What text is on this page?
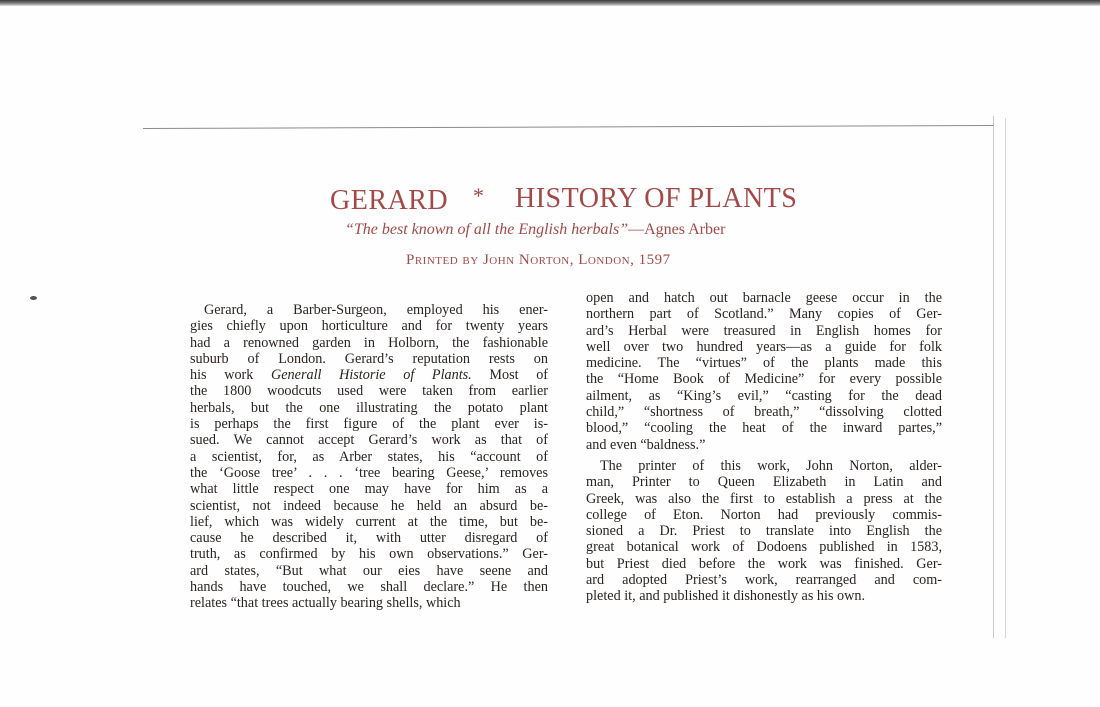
GERARD * HISTORY OF PLANTS
“The best known of all the English herbals”—Agnes Arber
Printed by John Norton, London, 1597
Gerard, a Barber-Surgeon, employed his ener-
gies chiefly upon horticulture and for twenty years
had a renowned garden in Holborn, the fashionable
suburb of London. Gerard’s reputation rests on
his work Generall Historie of Plants. Most of
the 1800 woodcuts used were taken from earlier
herbals, but the one illustrating the potato plant
is perhaps the first figure of the plant ever is-
sued. We cannot accept Gerard’s work as that of
a scientist, for, as Arber states, his “account of
the ‘Goose tree’ . . . ‘tree bearing Geese,’ removes
what little respect one may have for him as a
scientist, not indeed because he held an absurd be-
lief, which was widely current at the time, but be-
cause he described it, with utter disregard of
truth, as confirmed by his own observations.” Ger-
ard states, “But what our eies have seene and
hands have touched, we shall declare.” He then
relates “that trees actually bearing shells, which
open and hatch out barnacle geese occur in the
northern part of Scotland.” Many copies of Ger-
ard’s Herbal were treasured in English homes for
well over two hundred years—as a guide for folk
medicine. The “virtues” of the plants made this
the “Home Book of Medicine” for every possible
ailment, as “King’s evil,” “casting for the dead
child,” “shortness of breath,” “dissolving clotted
blood,” “cooling the heat of the inward partes,”
and even “baldness.”
The printer of this work, John Norton, alder-
man, Printer to Queen Elizabeth in Latin and
Greek, was also the first to establish a press at the
college of Eton. Norton had previously commis-
sioned a Dr. Priest to translate into English the
great botanical work of Dodoens published in 1583,
but Priest died before the work was finished. Ger-
ard adopted Priest’s work, rearranged and com-
pleted it, and published it dishonestly as his own.
